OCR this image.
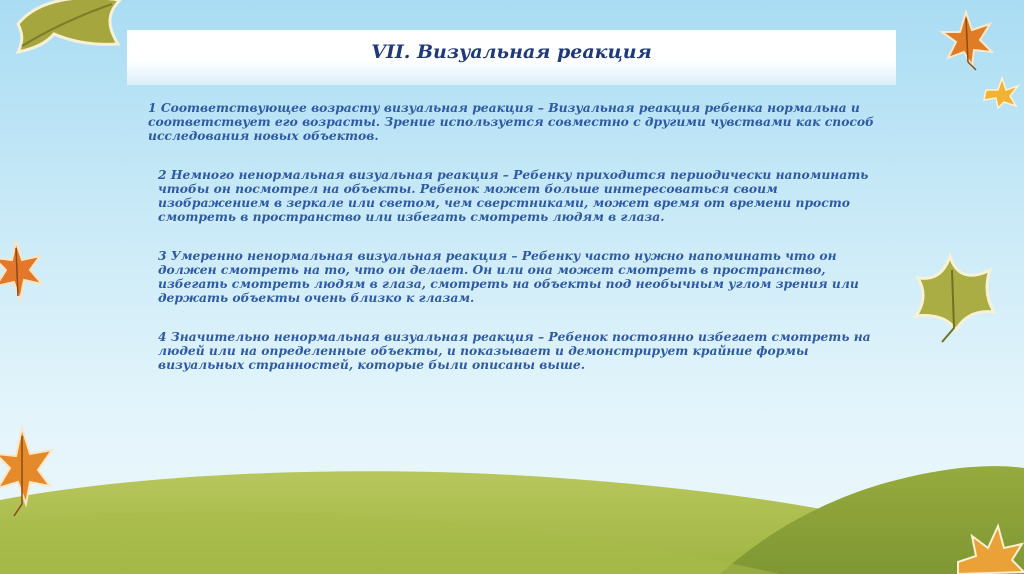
VII. Визуальная реакция

1 Соответствующее возрасту визуальная реакция – Визуальная реакция ребенка нормальна и соответствует его возрасты. Зрение используется совместно с другими чувствами как способ исследования новых объектов.

2 Немного ненормальная визуальная реакция – Ребенку приходится периодически напоминать чтобы он посмотрел на объекты. Ребенок может больше интересоваться своим изображением в зеркале или светом, чем сверстниками, может время от времени просто смотреть в пространство или избегать смотреть людям в глаза.

3 Умеренно ненормальная визуальная реакция – Ребенку часто нужно напоминать что он должен смотреть на то, что он делает. Он или она может смотреть в пространство, избегать смотреть людям в глаза, смотреть на объекты под необычным углом зрения или держать объекты очень близко к глазам.

4 Значительно ненормальная визуальная реакция – Ребенок постоянно избегает смотреть на людей или на определенные объекты, и показывает и демонстрирует крайние формы визуальных странностей, которые были описаны выше.
